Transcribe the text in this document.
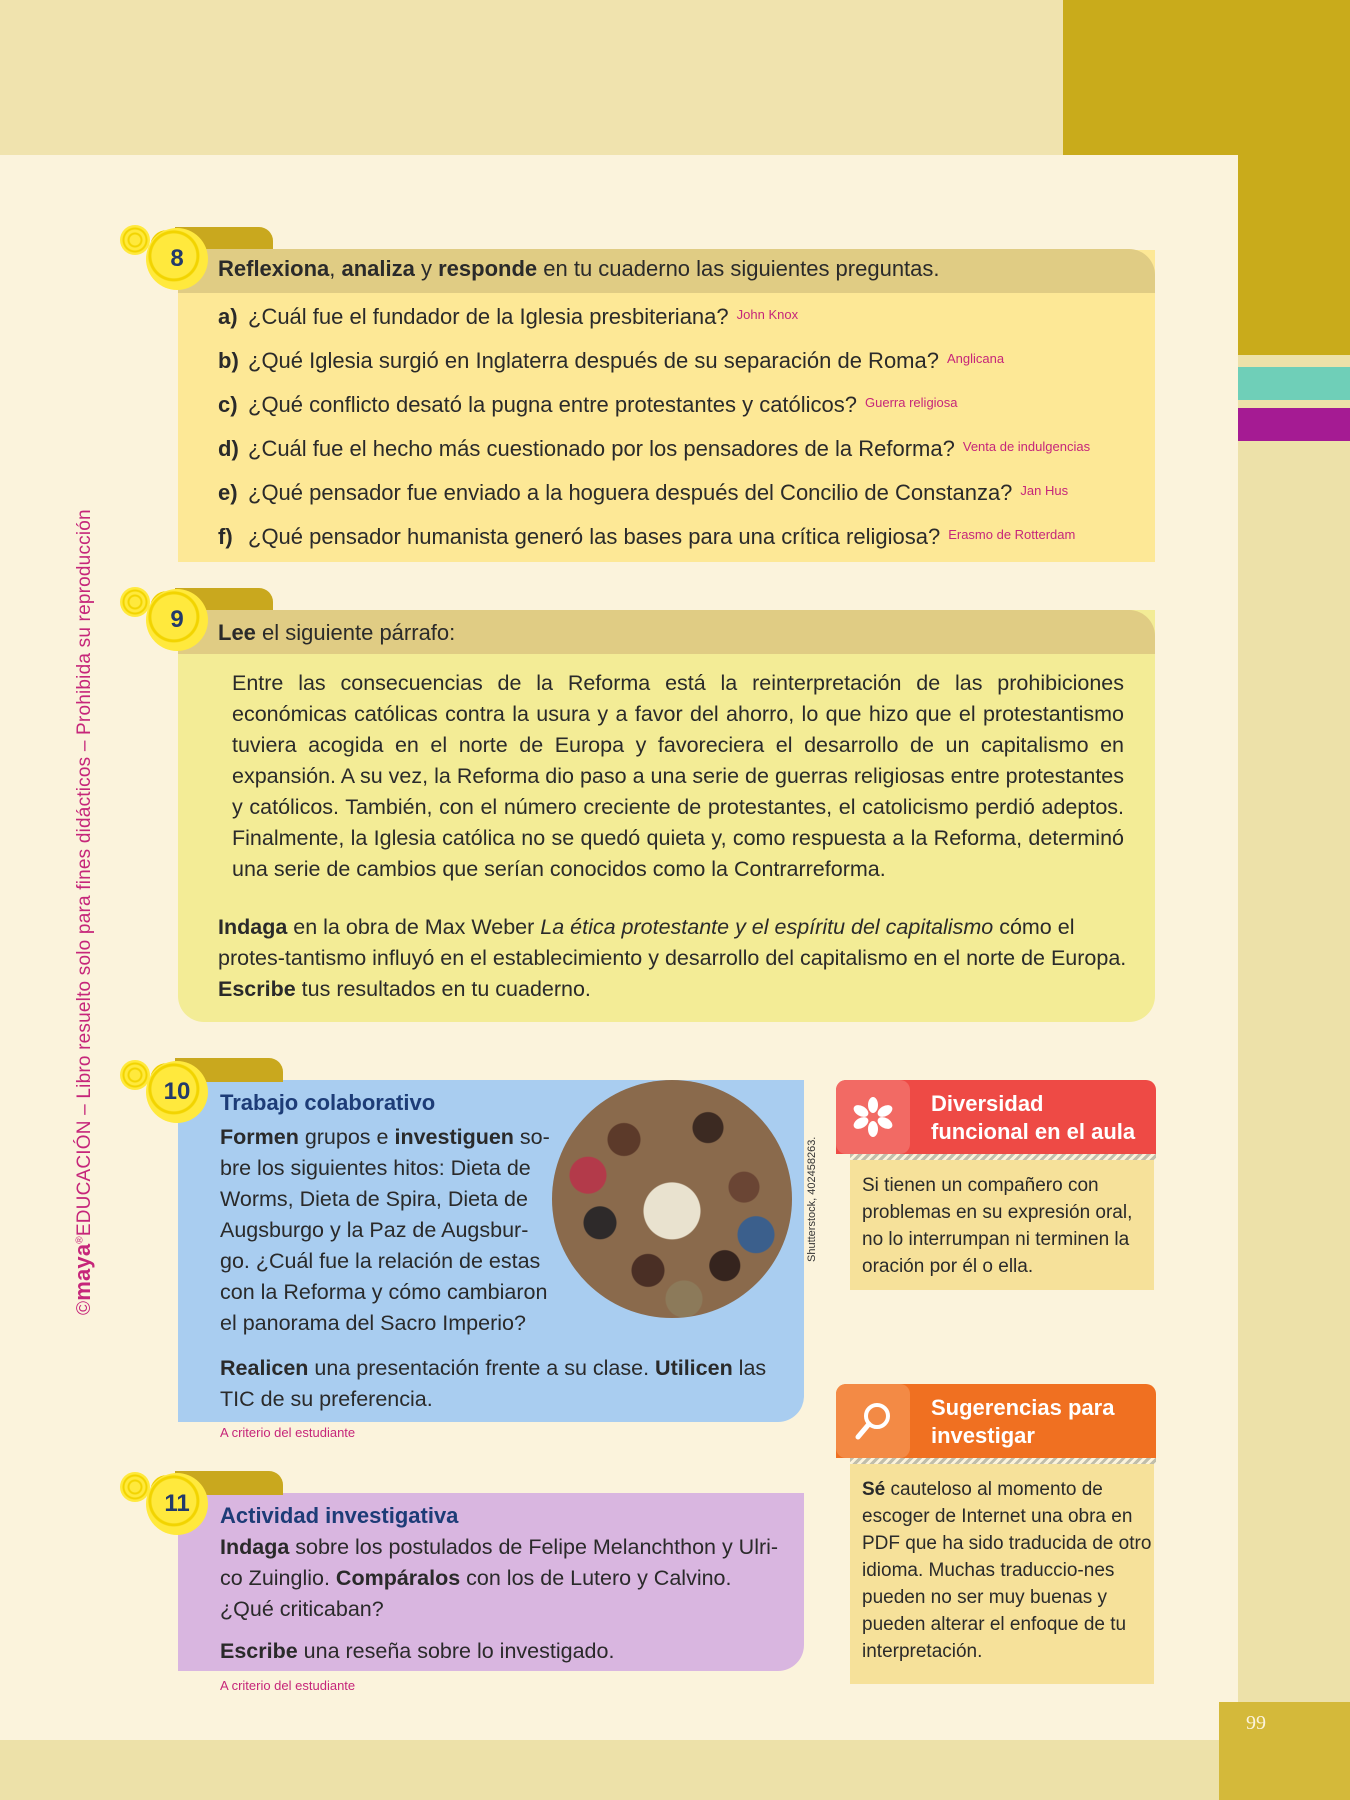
99
©maya®EDUCACIÓN – Libro resuelto solo para fines didácticos – Prohibida su reproducción
8 Reflexiona, analiza y responde en tu cuaderno las siguientes preguntas.
a) ¿Cuál fue el fundador de la Iglesia presbiteriana? $^{John Knox}$
b) ¿Qué Iglesia surgió en Inglaterra después de su separación de Roma? $^{Anglicana}$
c) ¿Qué conflicto desató la pugna entre protestantes y católicos? $^{Guerra religiosa}$
d) ¿Cuál fue el hecho más cuestionado por los pensadores de la Reforma? $^{Venta de indulgencias}$
e) ¿Qué pensador fue enviado a la hoguera después del Concilio de Constanza? $^{Jan Hus}$
f) ¿Qué pensador humanista generó las bases para una crítica religiosa? $^{Erasmo de Rotterdam}$
9 Lee el siguiente párrafo:
Entre las consecuencias de la Reforma está la reinterpretación de las prohibiciones económicas católicas contra la usura y a favor del ahorro, lo que hizo que el protestantismo tuviera acogida en el norte de Europa y favoreciera el desarrollo de un capitalismo en expansión. A su vez, la Reforma dio paso a una serie de guerras religiosas entre protestantes y católicos. También, con el número creciente de protestantes, el catolicismo perdió adeptos. Finalmente, la Iglesia católica no se quedó quieta y, como respuesta a la Reforma, determinó una serie de cambios que serían conocidos como la Contrarreforma.
Indaga en la obra de Max Weber La ética protestante y el espíritu del capitalismo cómo el protes-tantismo influyó en el establecimiento y desarrollo del capitalismo en el norte de Europa. Escribe tus resultados en tu cuaderno.
10 Trabajo colaborativo
Formen grupos e investiguen so-bre los siguientes hitos: Dieta de Worms, Dieta de Spira, Dieta de Augsburgo y la Paz de Augsbur-go. ¿Cuál fue la relación de estas con la Reforma y cómo cambiaron el panorama del Sacro Imperio?
Shutterstock, 402458263.
Realicen una presentación frente a su clase. Utilicen las TIC de su preferencia.
A criterio del estudiante
11 Actividad investigativa
Indaga sobre los postulados de Felipe Melanchthon y Ulri-co Zuinglio. Compáralos con los de Lutero y Calvino. ¿Qué criticaban?
Escribe una reseña sobre lo investigado.
A criterio del estudiante
Diversidad
funcional en el aula
Si tienen un compañero con problemas en su expresión oral, no lo interrumpan ni terminen la oración por él o ella.
Sugerencias para
investigar
Sé cauteloso al momento de escoger de Internet una obra en PDF que ha sido traducida de otro idioma. Muchas traduccio-nes pueden no ser muy buenas y pueden alterar el enfoque de tu interpretación.
